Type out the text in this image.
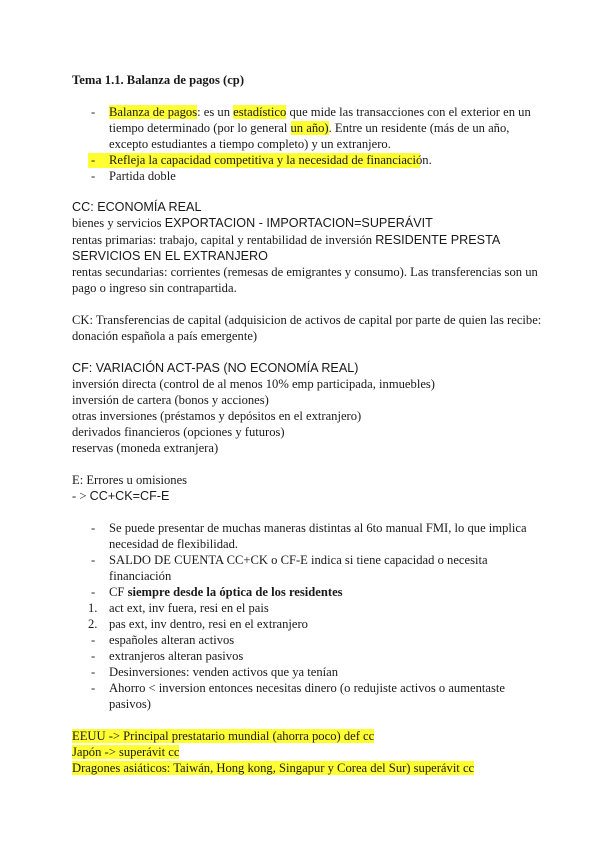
Tema 1.1. Balanza de pagos (cp)
- Balanza de pagos: es un estadístico que mide las transacciones con el exterior en un
tiempo determinado (por lo general un año). Entre un residente (más de un año,
excepto estudiantes a tiempo completo) y un extranjero.
- Refleja la capacidad competitiva y la necesidad de financiación.
- Partida doble
CC: ECONOMÍA REAL
bienes y servicios EXPORTACION - IMPORTACION=SUPERÁVIT
rentas primarias: trabajo, capital y rentabilidad de inversión RESIDENTE PRESTA
SERVICIOS EN EL EXTRANJERO
rentas secundarias: corrientes (remesas de emigrantes y consumo). Las transferencias son un
pago o ingreso sin contrapartida.
CK: Transferencias de capital (adquisicion de activos de capital por parte de quien las recibe:
donación española a país emergente)
CF: VARIACIÓN ACT-PAS (NO ECONOMÍA REAL)
inversión directa (control de al menos 10% emp participada, inmuebles)
inversión de cartera (bonos y acciones)
otras inversiones (préstamos y depósitos en el extranjero)
derivados financieros (opciones y futuros)
reservas (moneda extranjera)
E: Errores u omisiones
- > CC+CK=CF-E
- Se puede presentar de muchas maneras distintas al 6to manual FMI, lo que implica
necesidad de flexibilidad.
- SALDO DE CUENTA CC+CK o CF-E indica si tiene capacidad o necesita
financiación
- CF siempre desde la óptica de los residentes
1. act ext, inv fuera, resi en el pais
2. pas ext, inv dentro, resi en el extranjero
- españoles alteran activos
- extranjeros alteran pasivos
- Desinversiones: venden activos que ya tenían
- Ahorro < inversion entonces necesitas dinero (o redujiste activos o aumentaste
pasivos)
EEUU -> Principal prestatario mundial (ahorra poco) def cc
Japón -> superávit cc
Dragones asiáticos: Taiwán, Hong kong, Singapur y Corea del Sur) superávit cc
